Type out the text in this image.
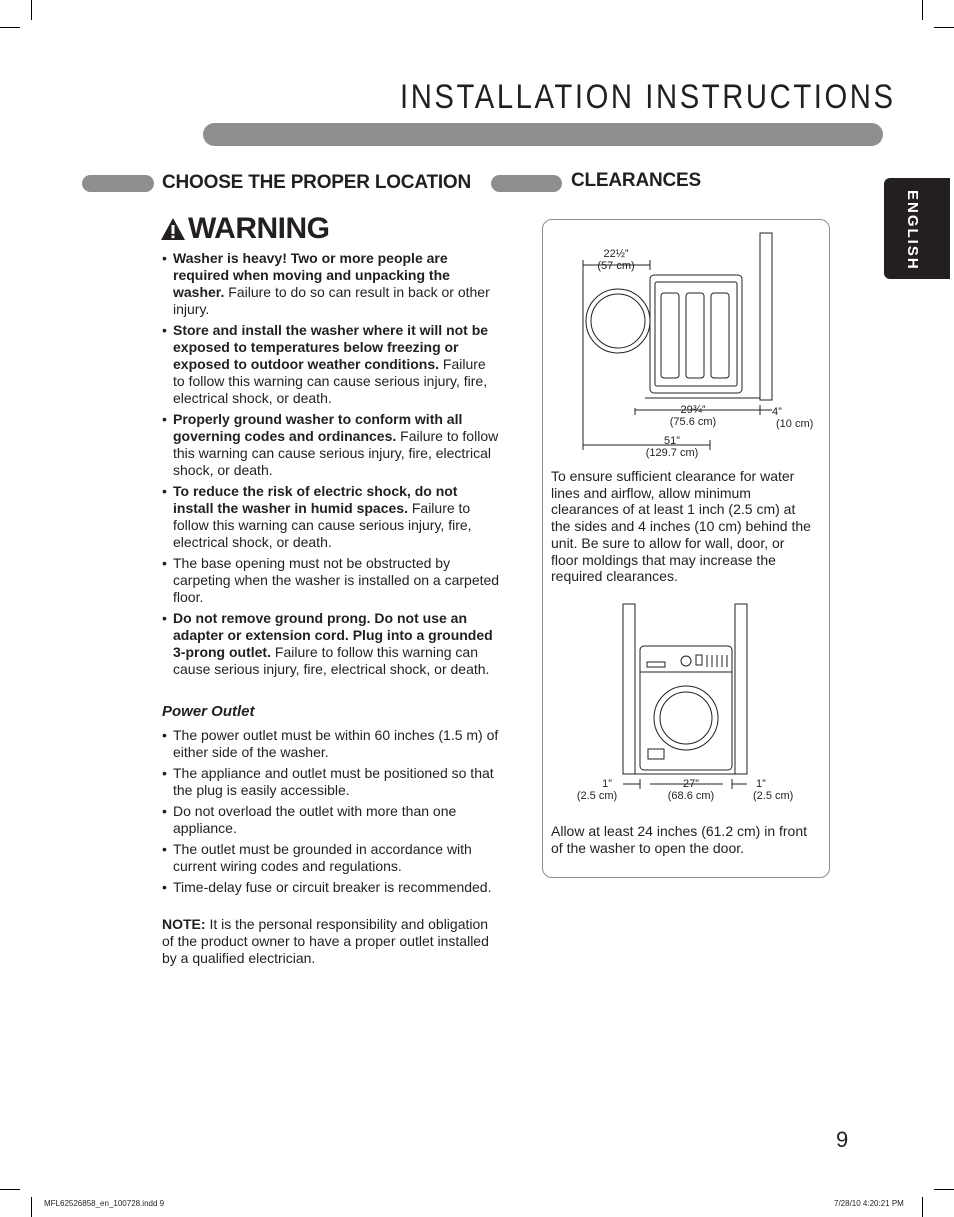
INSTALLATION INSTRUCTIONS
ENGLISH
CHOOSE THE PROPER LOCATION
WARNING
• Washer is heavy! Two or more people are required when moving and unpacking the washer. Failure to do so can result in back or other injury.
• Store and install the washer where it will not be exposed to temperatures below freezing or exposed to outdoor weather conditions. Failure to follow this warning can cause serious injury, fire, electrical shock, or death.
• Properly ground washer to conform with all governing codes and ordinances. Failure to follow this warning can cause serious injury, fire, electrical shock, or death.
• To reduce the risk of electric shock, do not install the washer in humid spaces. Failure to follow this warning can cause serious injury, fire, electrical shock, or death.
• The base opening must not be obstructed by carpeting when the washer is installed on a carpeted floor.
• Do not remove ground prong. Do not use an adapter or extension cord. Plug into a grounded 3-prong outlet. Failure to follow this warning can cause serious injury, fire, electrical shock, or death.
Power Outlet
• The power outlet must be within 60 inches (1.5 m) of either side of the washer.
• The appliance and outlet must be positioned so that the plug is easily accessible.
• Do not overload the outlet with more than one appliance.
• The outlet must be grounded in accordance with current wiring codes and regulations.
• Time-delay fuse or circuit breaker is recommended.
NOTE: It is the personal responsibility and obligation of the product owner to have a proper outlet installed by a qualified electrician.
CLEARANCES
22½”
(57 cm)
29¾”
(75.6 cm)
4”
(10 cm)
51”
(129.7 cm)
To ensure sufficient clearance for water lines and airflow, allow minimum clearances of at least 1 inch (2.5 cm) at the sides and 4 inches (10 cm) behind the unit. Be sure to allow for wall, door, or floor moldings that may increase the required clearances.
1”
(2.5 cm)
27”
(68.6 cm)
1”
(2.5 cm)
Allow at least 24 inches (61.2 cm) in front of the washer to open the door.
9
MFL62526858_en_100728.indd 9	7/28/10 4:20:21 PM
